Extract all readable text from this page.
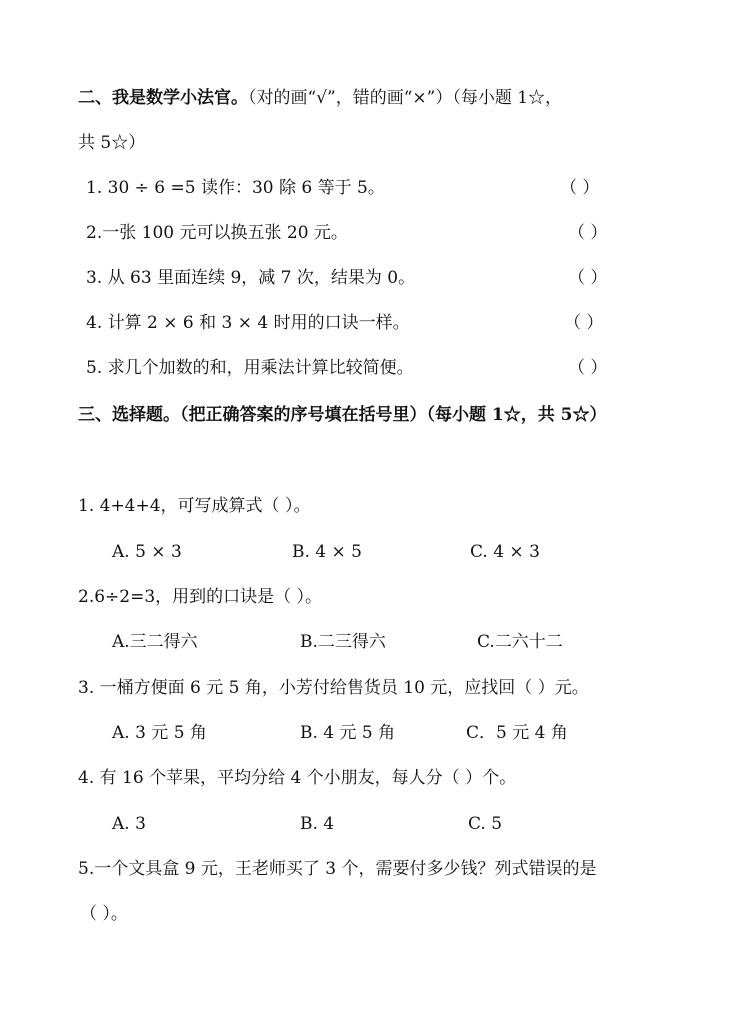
二、我是数学小法官。（对的画“√”，错的画“×”）（每小题 1☆，
共 5☆）
1. 30 ÷ 6 =5 读作：30 除 6 等于 5。	（ ）
2.一张 100 元可以换五张 20 元。	（ ）
3. 从 63 里面连续 9，减 7 次，结果为 0。	（ ）
4. 计算 2 × 6 和 3 × 4 时用的口诀一样。	（ ）
5. 求几个加数的和，用乘法计算比较简便。	（ ）
三、选择题。（把正确答案的序号填在括号里）（每小题 1☆，共 5☆）
1. 4+4+4，可写成算式（ ）。
A. 5 × 3	B. 4 × 5	C. 4 × 3
2.6÷2=3，用到的口诀是（ ）。
A.三二得六	B.二三得六	C.二六十二
3. 一桶方便面 6 元 5 角，小芳付给售货员 10 元，应找回（ ）元。
A. 3 元 5 角	B. 4 元 5 角	C．5 元 4 角
4. 有 16 个苹果，平均分给 4 个小朋友，每人分（ ）个。
A. 3	B. 4	C. 5
5.一个文具盒 9 元，王老师买了 3 个，需要付多少钱？列式错误的是
（ ）。
